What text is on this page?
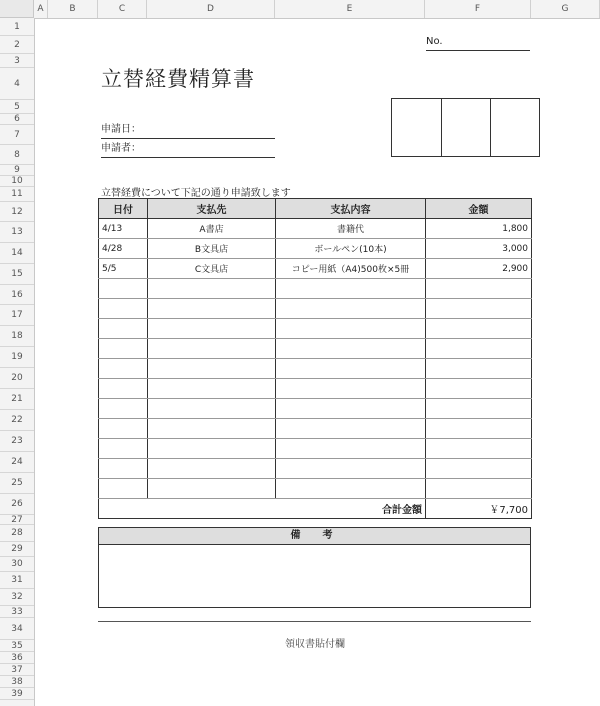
A	B	C	D	E	F	G
1
2
3
4
5
6
7
8
9
10
11
12
13
14
15
16
17
18
19
20
21
22
23
24
25
26
27
28
29
30
31
32
33
34
35
36
37
38
39
No.
立替経費精算書
申請日：
申請者：
立替経費について下記の通り申請致します
日付	支払先	支払内容	金額
4/13	A書店	書籍代	1,800
4/28	B文具店	ボールペン(10本)	3,000
5/5	C文具店	コピー用紙（A4)500枚×5冊	2,900

合計金額			￥7,700
備　考
領収書貼付欄
